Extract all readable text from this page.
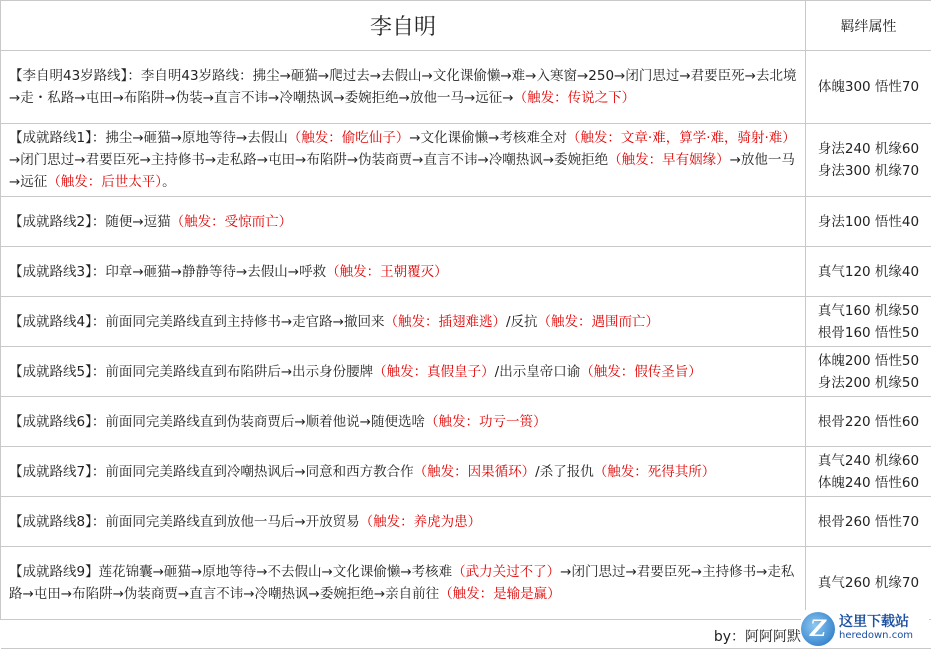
李自明	羁绊属性
【李自明43岁路线】：李自明43岁路线：拂尘→砸猫→爬过去→去假山→文化课偷懒→难→入寒窗→250→闭门思过→君要臣死→去北境→走・私路→屯田→布陷阱→伪装→直言不讳→冷嘲热讽→委婉拒绝→放他一马→远征→（触发：传说之下）	体魄300 悟性70

【成就路线1】：拂尘→砸猫→原地等待→去假山（触发：偷吃仙子）→文化课偷懒→考核难全对（触发：文章·难，算学·难，骑射·难）→闭门思过→君要臣死→主持修书→走私路→屯田→布陷阱→伪装商贾→直言不讳→冷嘲热讽→委婉拒绝（触发：早有姻缘）→放他一马→远征（触发：后世太平）。	身法240 机缘60
身法300 机缘70

【成就路线2】：随便→逗猫（触发：受惊而亡）	身法100 悟性40

【成就路线3】：印章→砸猫→静静等待→去假山→呼救（触发：王朝覆灭）	真气120 机缘40

【成就路线4】：前面同完美路线直到主持修书→走官路→撤回来（触发：插翅难逃）/反抗（触发：遇围而亡）	真气160 机缘50
根骨160 悟性50

【成就路线5】：前面同完美路线直到布陷阱后→出示身份腰牌（触发：真假皇子）/出示皇帝口谕（触发：假传圣旨）	体魄200 悟性50
身法200 机缘50

【成就路线6】：前面同完美路线直到伪装商贾后→顺着他说→随便选啥（触发：功亏一篑）	根骨220 悟性60

【成就路线7】：前面同完美路线直到冷嘲热讽后→同意和西方教合作（触发：因果循环）/杀了报仇（触发：死得其所）	真气240 机缘60
体魄240 悟性60

【成就路线8】：前面同完美路线直到放他一马后→开放贸易（触发：养虎为患）	根骨260 悟性70

【成就路线9】莲花锦囊→砸猫→原地等待→不去假山→文化课偷懒→考核难（武力关过不了）→闭门思过→君要臣死→主持修书→走私路→屯田→布陷阱→伪装商贾→直言不讳→冷嘲热讽→委婉拒绝→亲自前往（触发：是输是赢）	真气260 机缘70

by：阿阿阿默 Z 这里下载站
heredown.com
